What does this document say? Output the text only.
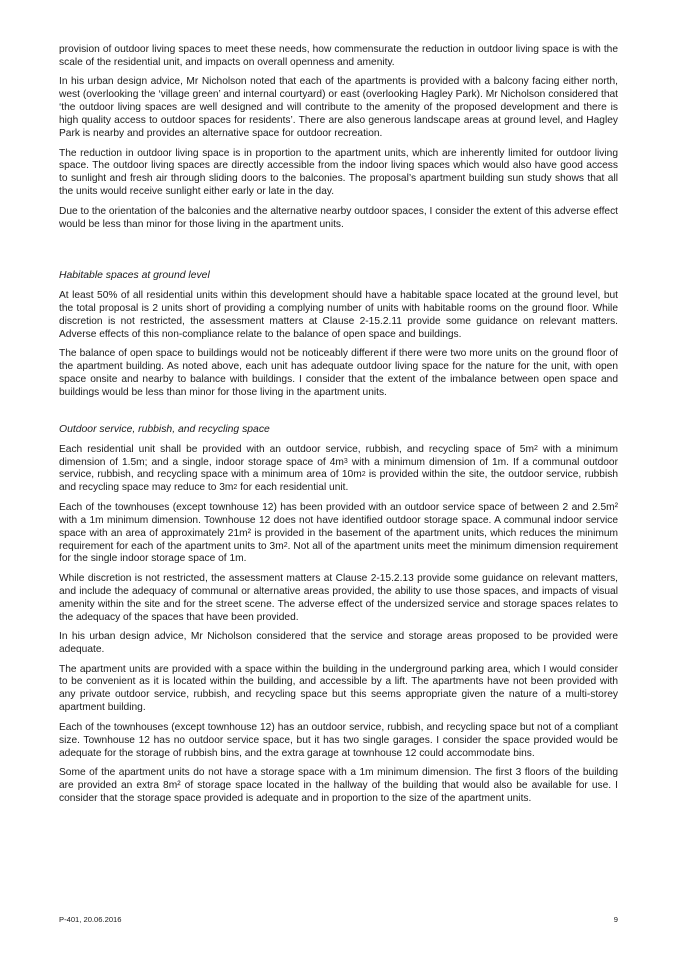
provision of outdoor living spaces to meet these needs, how commensurate the reduction in outdoor living space is with the scale of the residential unit, and impacts on overall openness and amenity.

In his urban design advice, Mr Nicholson noted that each of the apartments is provided with a balcony facing either north, west (overlooking the ‘village green’ and internal courtyard) or east (overlooking Hagley Park). Mr Nicholson considered that ‘the outdoor living spaces are well designed and will contribute to the amenity of the proposed development and there is high quality access to outdoor spaces for residents’. There are also generous landscape areas at ground level, and Hagley Park is nearby and provides an alternative space for outdoor recreation.

The reduction in outdoor living space is in proportion to the apartment units, which are inherently limited for outdoor living space. The outdoor living spaces are directly accessible from the indoor living spaces which would also have good access to sunlight and fresh air through sliding doors to the balconies. The proposal’s apartment building sun study shows that all the units would receive sunlight either early or late in the day.

Due to the orientation of the balconies and the alternative nearby outdoor spaces, I consider the extent of this adverse effect would be less than minor for those living in the apartment units.

Habitable spaces at ground level

At least 50% of all residential units within this development should have a habitable space located at the ground level, but the total proposal is 2 units short of providing a complying number of units with habitable rooms on the ground floor. While discretion is not restricted, the assessment matters at Clause 2-15.2.11 provide some guidance on relevant matters. Adverse effects of this non-compliance relate to the balance of open space and buildings.

The balance of open space to buildings would not be noticeably different if there were two more units on the ground floor of the apartment building. As noted above, each unit has adequate outdoor living space for the nature for the unit, with open space onsite and nearby to balance with buildings. I consider that the extent of the imbalance between open space and buildings would be less than minor for those living in the apartment units.

Outdoor service, rubbish, and recycling space

Each residential unit shall be provided with an outdoor service, rubbish, and recycling space of $5m^2$ with a minimum dimension of 1.5m; and a single, indoor storage space of $4m^3$ with a minimum dimension of 1m. If a communal outdoor service, rubbish, and recycling space with a minimum area of $10m^2$ is provided within the site, the outdoor service, rubbish and recycling space may reduce to $3m^2$ for each residential unit.

Each of the townhouses (except townhouse 12) has been provided with an outdoor service space of between 2 and 2.5m² with a 1m minimum dimension. Townhouse 12 does not have identified outdoor storage space. A communal indoor service space with an area of approximately 21m² is provided in the basement of the apartment units, which reduces the minimum requirement for each of the apartment units to $3m^2$. Not all of the apartment units meet the minimum dimension requirement for the single indoor storage space of 1m.

While discretion is not restricted, the assessment matters at Clause 2-15.2.13 provide some guidance on relevant matters, and include the adequacy of communal or alternative areas provided, the ability to use those spaces, and impacts of visual amenity within the site and for the street scene. The adverse effect of the undersized service and storage spaces relates to the adequacy of the spaces that have been provided.

In his urban design advice, Mr Nicholson considered that the service and storage areas proposed to be provided were adequate.

The apartment units are provided with a space within the building in the underground parking area, which I would consider to be convenient as it is located within the building, and accessible by a lift. The apartments have not been provided with any private outdoor service, rubbish, and recycling space but this seems appropriate given the nature of a multi-storey apartment building.

Each of the townhouses (except townhouse 12) has an outdoor service, rubbish, and recycling space but not of a compliant size. Townhouse 12 has no outdoor service space, but it has two single garages. I consider the space provided would be adequate for the storage of rubbish bins, and the extra garage at townhouse 12 could accommodate bins.

Some of the apartment units do not have a storage space with a 1m minimum dimension. The first 3 floors of the building are provided an extra 8m² of storage space located in the hallway of the building that would also be available for use. I consider that the storage space provided is adequate and in proportion to the size of the apartment units.

P-401, 20.06.2016	9
